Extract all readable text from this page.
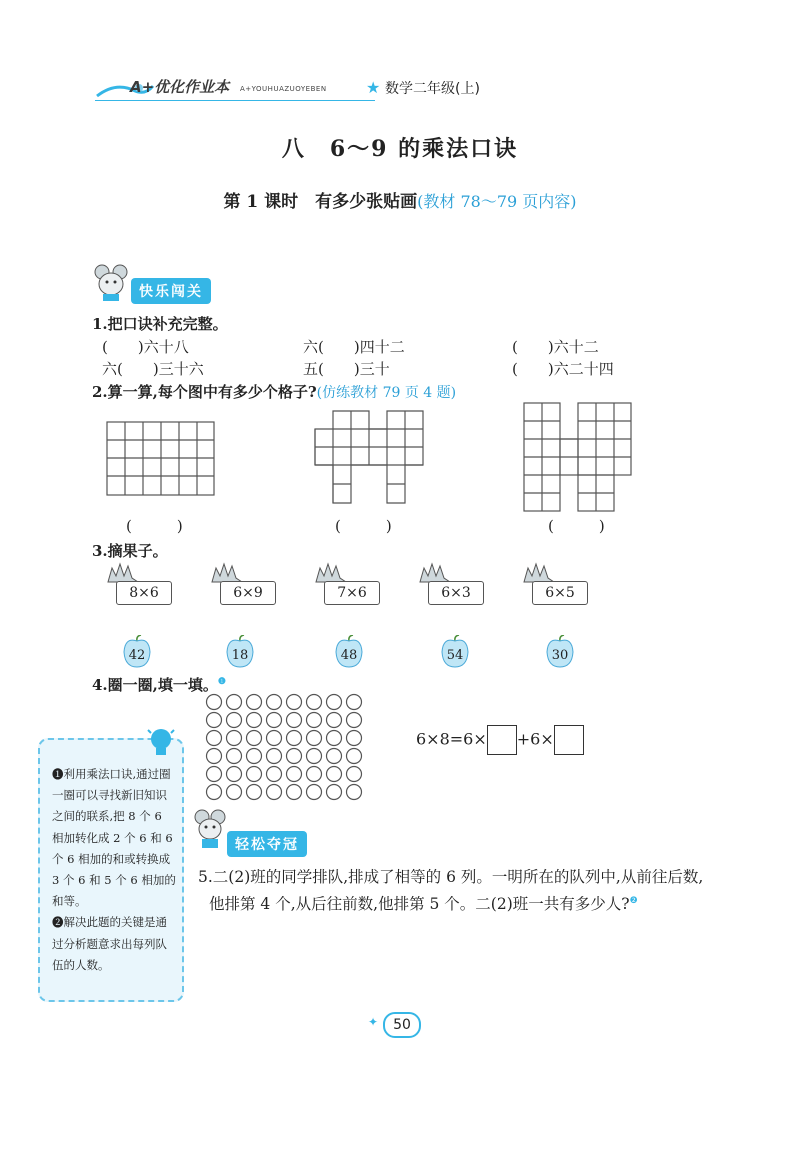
A+优化作业本 A+YOUHUAZUOYEBEN ★ 数学二年级(上)
八　6～9 的乘法口诀
第 1 课时　有多少张贴画(教材 78～79 页内容)
快乐闯关
1.把口诀补充完整。
(　　)六十八	六(　　)四十二	(　　)六十二
六(　　)三十六	五(　　)三十	(　　)六二十四
2.算一算,每个图中有多少个格子?(仿练教材 79 页 4 题)
(　　　)	(　　　)	(　　　)
3.摘果子。
8×6	6×9	7×6	6×3	6×5
42	18	48	54	30
4.圈一圈,填一填。$^❶$
6×8=6× +6×
❶利用乘法口诀,通过圈一圈可以寻找新旧知识之间的联系,把 8 个 6 相加转化成 2 个 6 和 6 个 6 相加的和或转换成 3 个 6 和 5 个 6 相加的和等。
❷解决此题的关键是通过分析题意求出每列队伍的人数。
轻松夺冠
5.二(2)班的同学排队,排成了相等的 6 列。一明所在的队列中,从前往后数,他排第 4 个,从后往前数,他排第 5 个。二(2)班一共有多少人?$^❷$
✦	50
